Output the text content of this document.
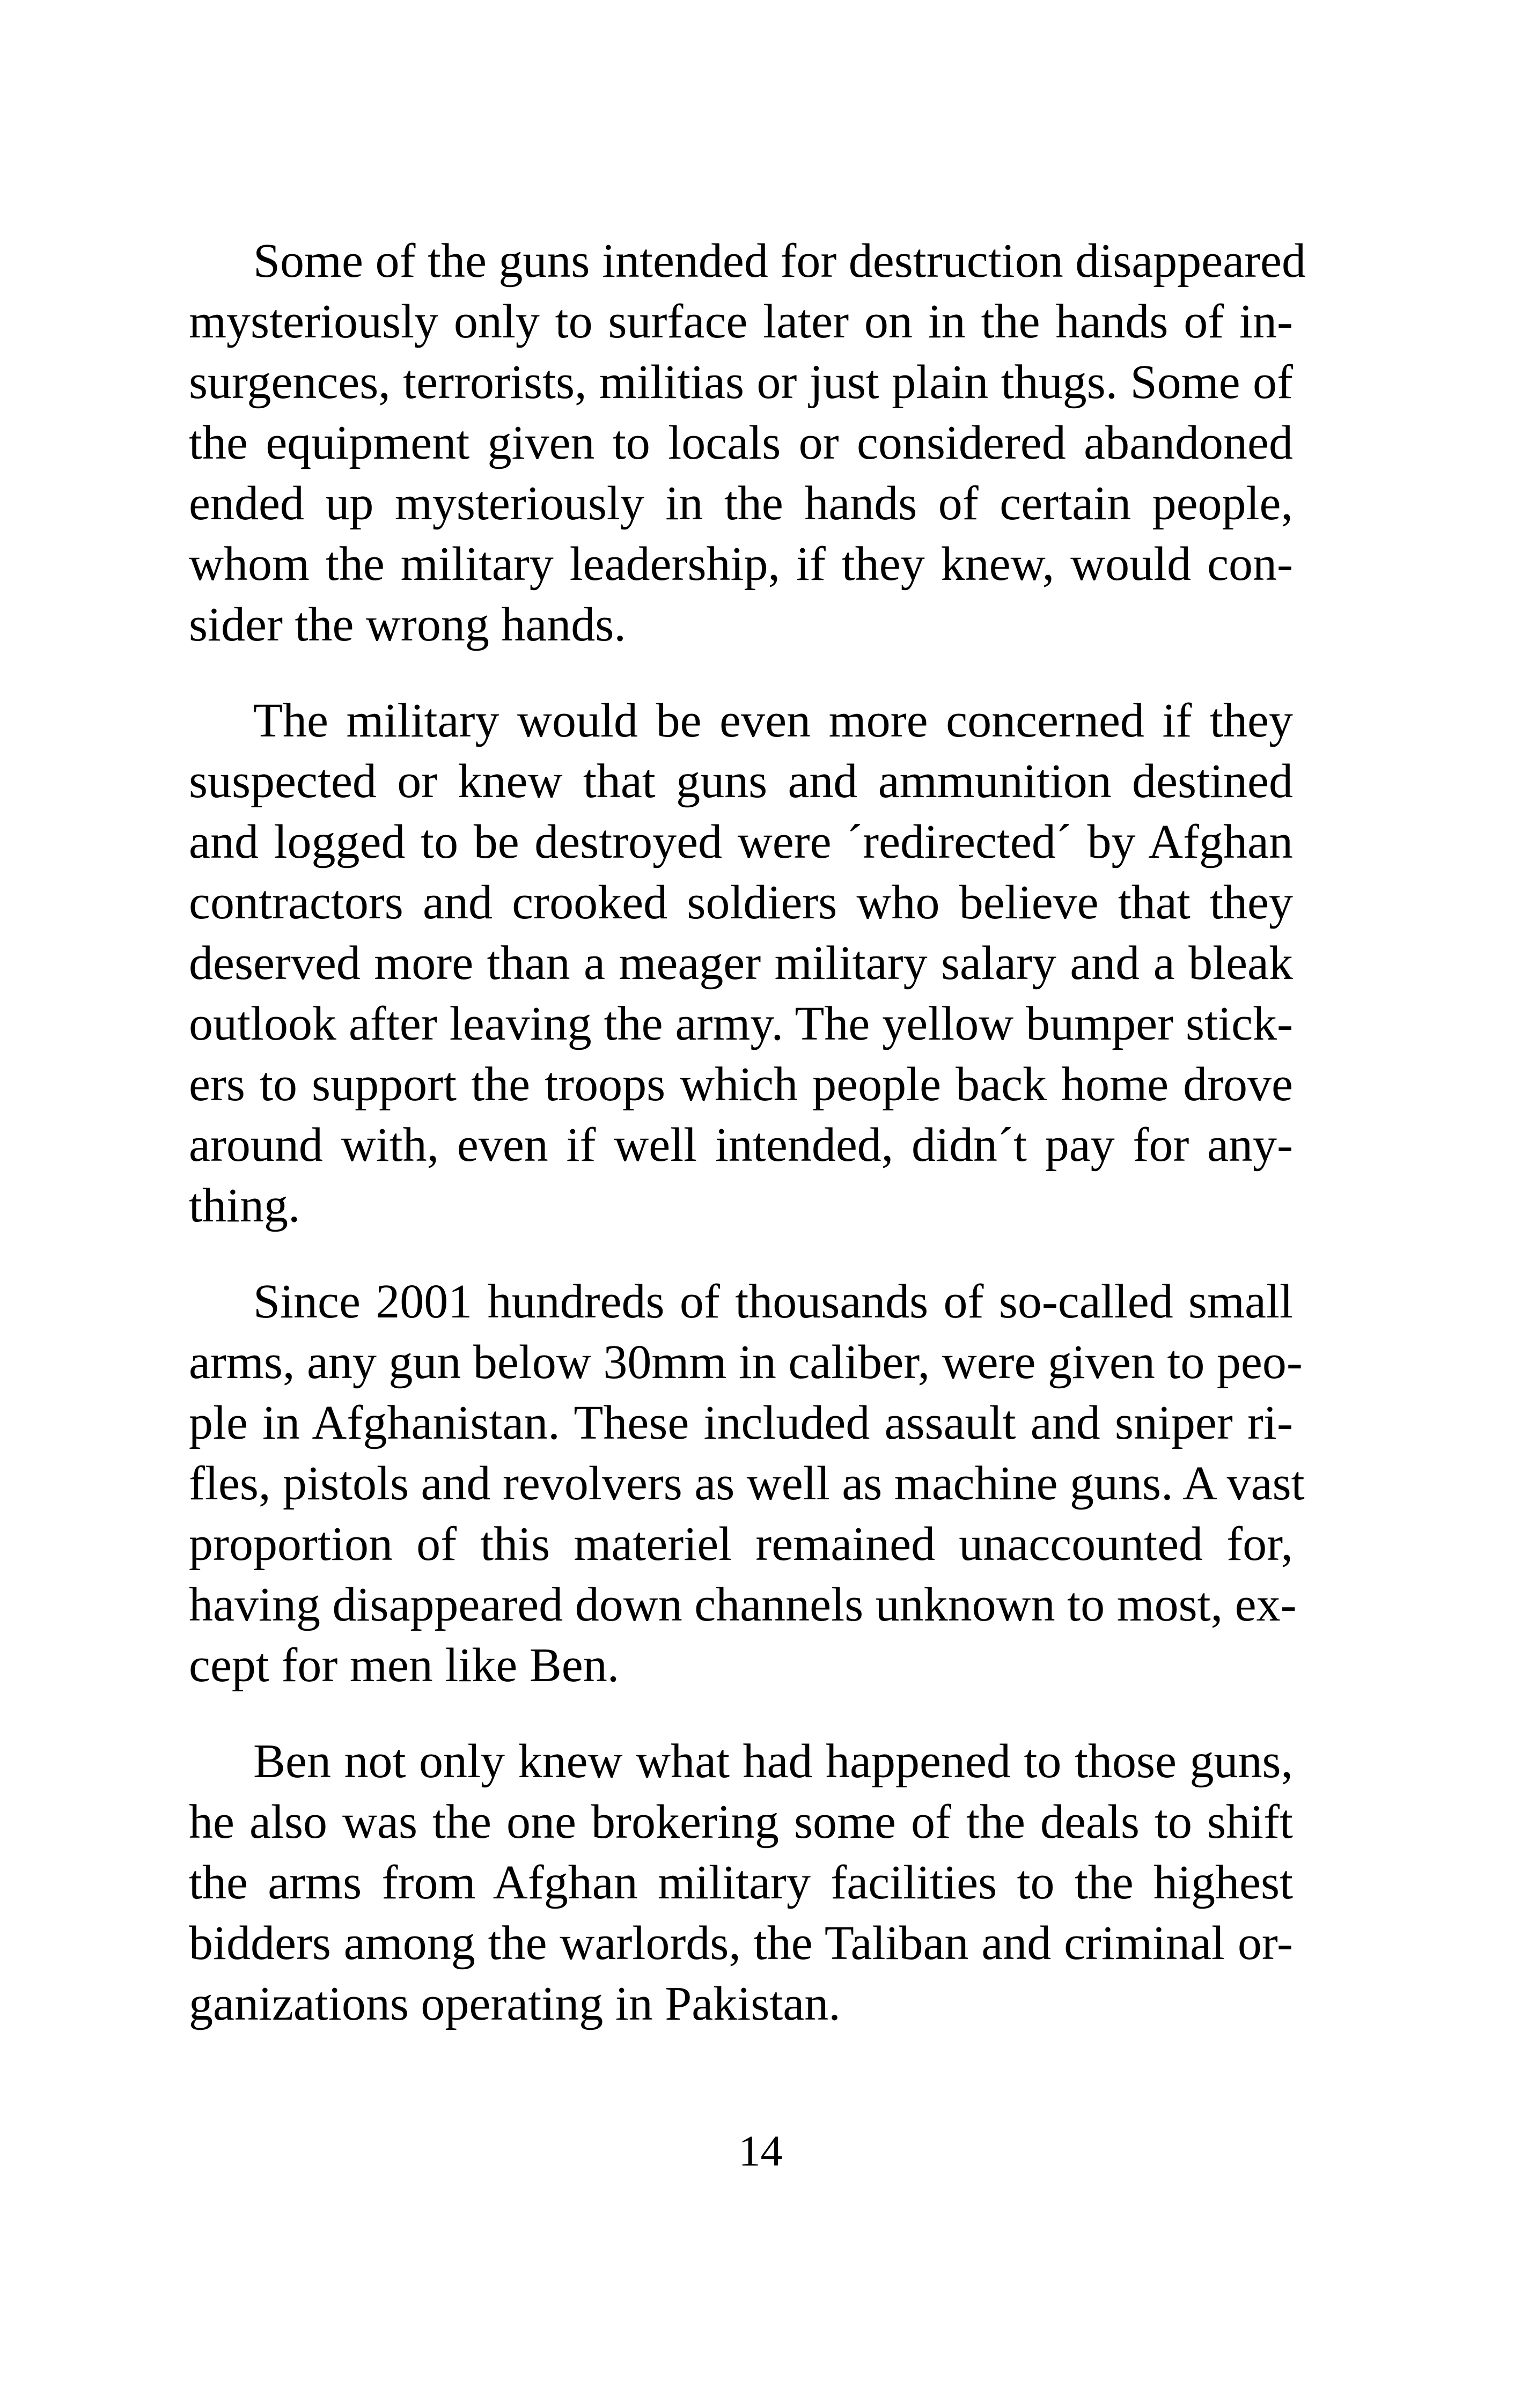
Some of the guns intended for destruction disappeared
mysteriously only to surface later on in the hands of in-
surgences, terrorists, militias or just plain thugs. Some of
the equipment given to locals or considered abandoned
ended up mysteriously in the hands of certain people,
whom the military leadership, if they knew, would con-
sider the wrong hands.

The military would be even more concerned if they
suspected or knew that guns and ammunition destined
and logged to be destroyed were ´redirected´ by Afghan
contractors and crooked soldiers who believe that they
deserved more than a meager military salary and a bleak
outlook after leaving the army. The yellow bumper stick-
ers to support the troops which people back home drove
around with, even if well intended, didn´t pay for any-
thing.

Since 2001 hundreds of thousands of so-called small
arms, any gun below 30mm in caliber, were given to peo-
ple in Afghanistan. These included assault and sniper ri-
fles, pistols and revolvers as well as machine guns. A vast
proportion of this materiel remained unaccounted for,
having disappeared down channels unknown to most, ex-
cept for men like Ben.

Ben not only knew what had happened to those guns,
he also was the one brokering some of the deals to shift
the arms from Afghan military facilities to the highest
bidders among the warlords, the Taliban and criminal or-
ganizations operating in Pakistan.

14
